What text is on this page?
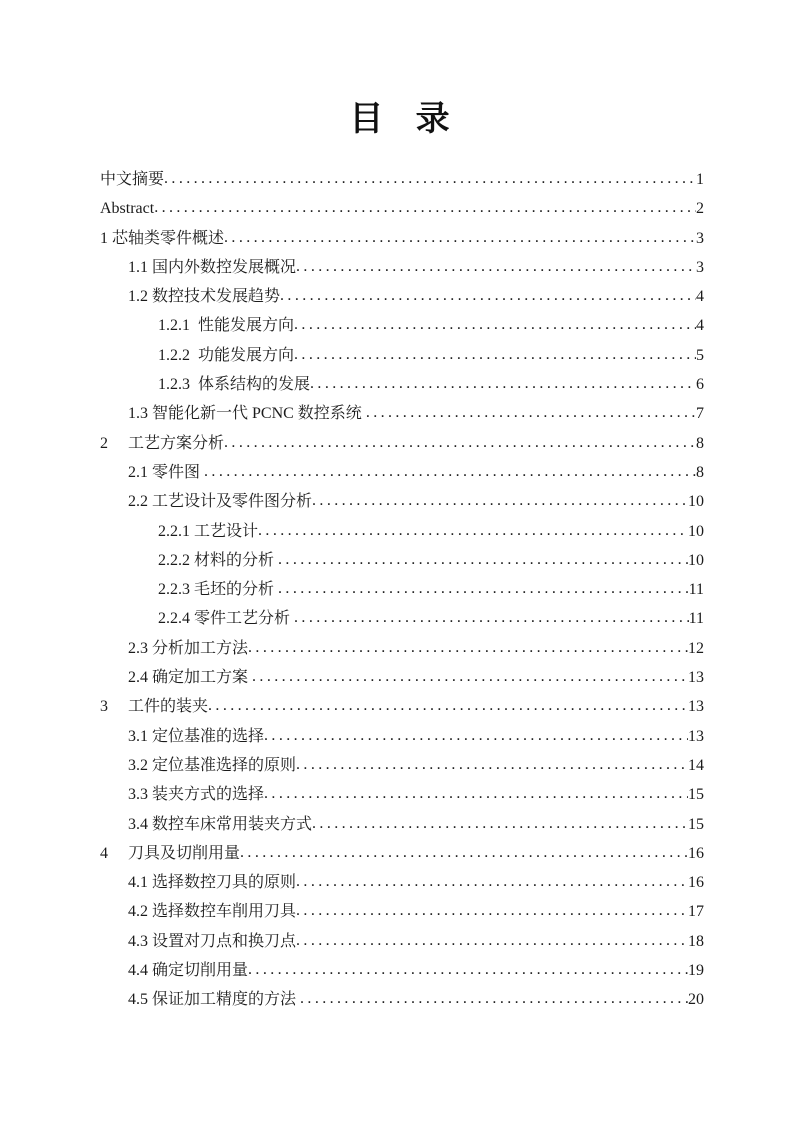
目   录
中文摘要 .....	1
Abstract .....	2
1 芯轴类零件概述 .....	3
1.1 国内外数控发展概况 .....	3
1.2 数控技术发展趋势 .....	4
1.2.1  性能发展方向 .....	4
1.2.2  功能发展方向 .....	5
1.2.3  体系结构的发展 .....	6
1.3 智能化新一代 PCNC 数控系统 .....	7
2     工艺方案分析 .....	8
2.1 零件图 .....	8
2.2 工艺设计及零件图分析 .....	10
2.2.1 工艺设计 .....	10
2.2.2 材料的分析 .....	10
2.2.3 毛坯的分析 .....	11
2.2.4 零件工艺分析 .....	11
2.3 分析加工方法 .....	12
2.4 确定加工方案 .....	13
3     工件的装夹 .....	13
3.1 定位基准的选择 .....	13
3.2 定位基准选择的原则 .....	14
3.3 装夹方式的选择 .....	15
3.4 数控车床常用装夹方式 .....	15
4     刀具及切削用量 .....	16
4.1 选择数控刀具的原则 .....	16
4.2 选择数控车削用刀具 .....	17
4.3 设置对刀点和换刀点 .....	18
4.4 确定切削用量 .....	19
4.5 保证加工精度的方法 .....	20
